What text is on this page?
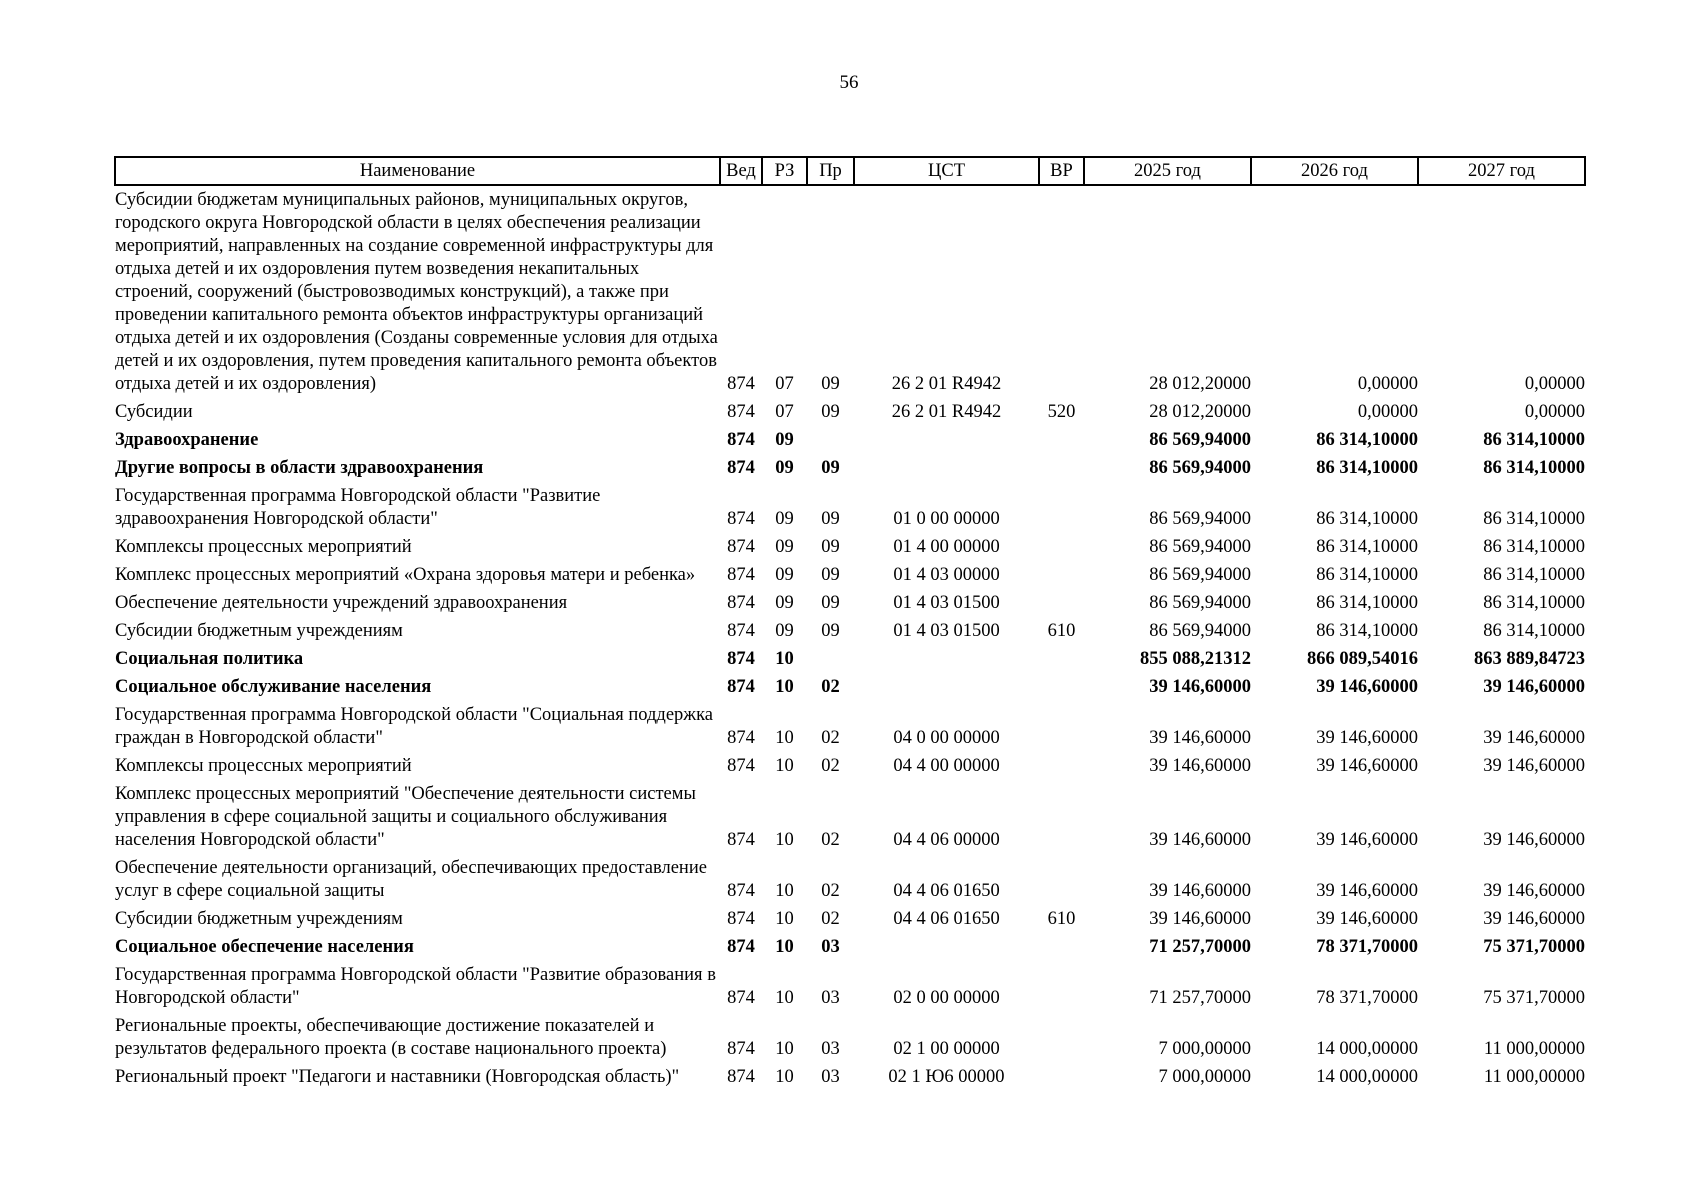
56
Наименование	Вед	РЗ	Пр	ЦСТ	ВР	2025 год	2026 год	2027 год
Субсидии бюджетам муниципальных районов, муниципальных округов, городского округа Новгородской области в целях обеспечения реализации мероприятий, направленных на создание современной инфраструктуры для отдыха детей и их оздоровления путем возведения некапитальных строений, сооружений (быстровозводимых конструкций), а также при проведении капитального ремонта объектов инфраструктуры организаций отдыха детей и их оздоровления (Созданы современные условия для отдыха детей и их оздоровления, путем проведения капитального ремонта объектов отдыха детей и их оздоровления)	874	07	09	26 2 01 R4942		28 012,20000	0,00000	0,00000
Субсидии	874	07	09	26 2 01 R4942	520	28 012,20000	0,00000	0,00000
Здравоохранение	874	09				86 569,94000	86 314,10000	86 314,10000
Другие вопросы в области здравоохранения	874	09	09			86 569,94000	86 314,10000	86 314,10000
Государственная программа Новгородской области "Развитие здравоохранения Новгородской области"	874	09	09	01 0 00 00000		86 569,94000	86 314,10000	86 314,10000
Комплексы процессных мероприятий	874	09	09	01 4 00 00000		86 569,94000	86 314,10000	86 314,10000
Комплекс процессных мероприятий «Охрана здоровья матери и ребенка»	874	09	09	01 4 03 00000		86 569,94000	86 314,10000	86 314,10000
Обеспечение деятельности учреждений здравоохранения	874	09	09	01 4 03 01500		86 569,94000	86 314,10000	86 314,10000
Субсидии бюджетным учреждениям	874	09	09	01 4 03 01500	610	86 569,94000	86 314,10000	86 314,10000
Социальная политика	874	10				855 088,21312	866 089,54016	863 889,84723
Социальное обслуживание населения	874	10	02			39 146,60000	39 146,60000	39 146,60000
Государственная программа Новгородской области "Социальная поддержка граждан в Новгородской области"	874	10	02	04 0 00 00000		39 146,60000	39 146,60000	39 146,60000
Комплексы процессных мероприятий	874	10	02	04 4 00 00000		39 146,60000	39 146,60000	39 146,60000
Комплекс процессных мероприятий "Обеспечение деятельности системы управления в сфере социальной защиты и социального обслуживания населения Новгородской области"	874	10	02	04 4 06 00000		39 146,60000	39 146,60000	39 146,60000
Обеспечение деятельности организаций, обеспечивающих предоставление услуг в сфере социальной защиты	874	10	02	04 4 06 01650		39 146,60000	39 146,60000	39 146,60000
Субсидии бюджетным учреждениям	874	10	02	04 4 06 01650	610	39 146,60000	39 146,60000	39 146,60000
Социальное обеспечение населения	874	10	03			71 257,70000	78 371,70000	75 371,70000
Государственная программа Новгородской области "Развитие образования в Новгородской области"	874	10	03	02 0 00 00000		71 257,70000	78 371,70000	75 371,70000
Региональные проекты, обеспечивающие достижение показателей и результатов федерального проекта (в составе национального проекта)	874	10	03	02 1 00 00000		7 000,00000	14 000,00000	11 000,00000
Региональный проект "Педагоги и наставники (Новгородская область)"	874	10	03	02 1 Ю6 00000		7 000,00000	14 000,00000	11 000,00000
